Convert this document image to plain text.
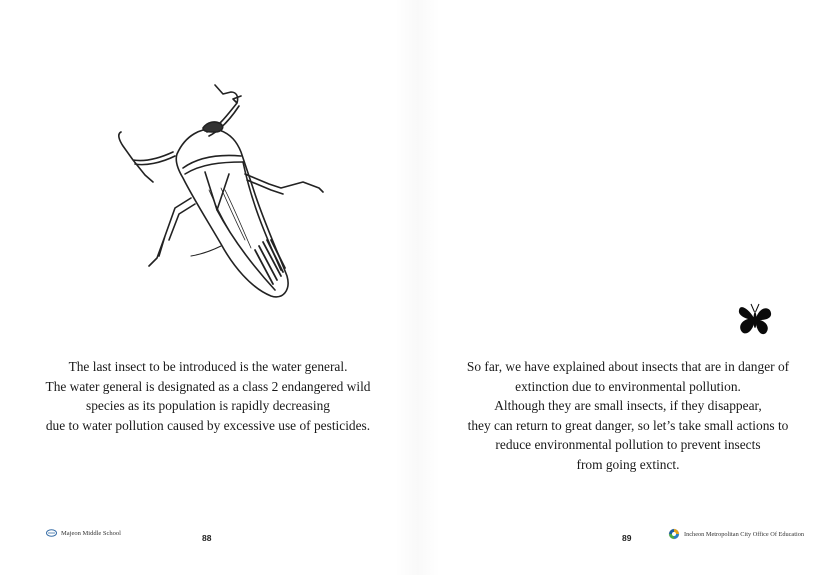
The last insect to be introduced is the water general.
The water general is designated as a class 2 endangered wild
species as its population is rapidly decreasing
due to water pollution caused by excessive use of pesticides.

Majeon Middle School	88

So far, we have explained about insects that are in danger of
extinction due to environmental pollution.
Although they are small insects, if they disappear,
they can return to great danger, so let’s take small actions to
reduce environmental pollution to prevent insects
from going extinct.

89	Incheon Metropolitan City Office Of Education
